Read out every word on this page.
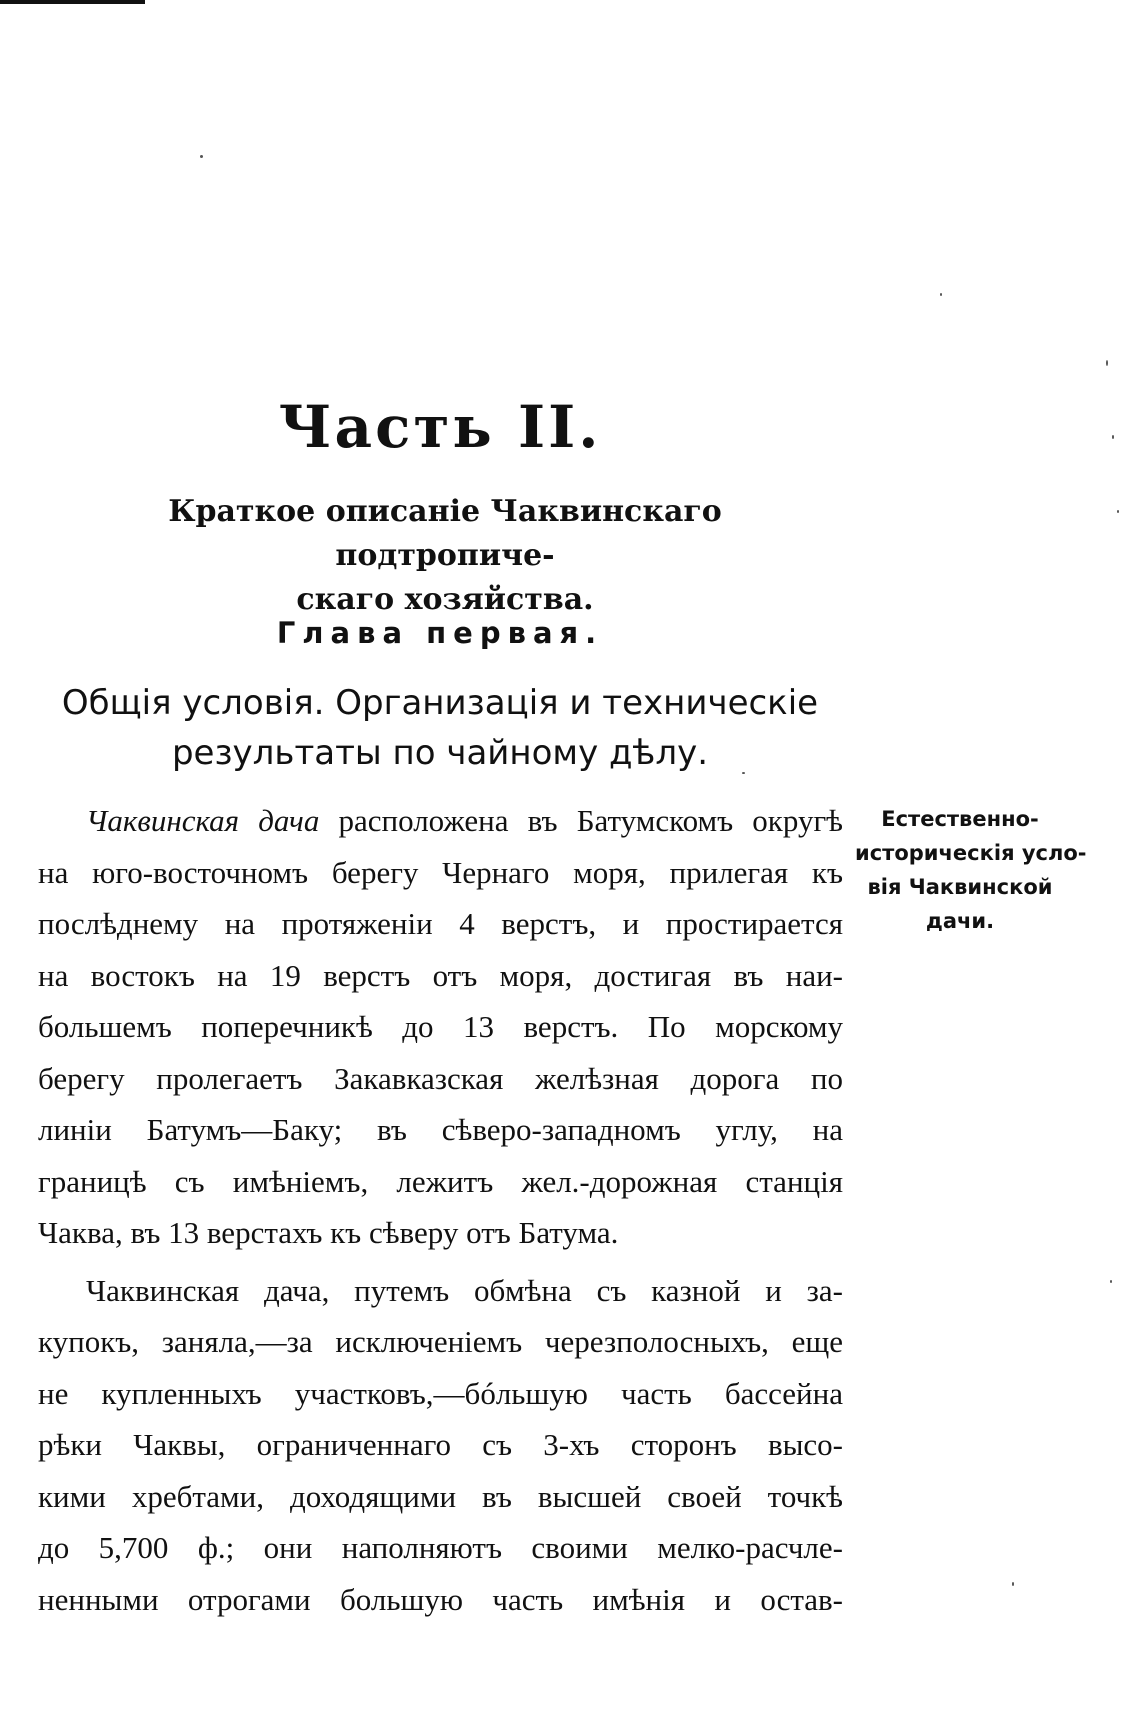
Часть II.
Краткое описаніе Чаквинскаго подтропиче-
скаго хозяйства.
Глава первая.
Общія условія. Организація и техническіе
результаты по чайному дѣлу.

Чаквинская дача расположена въ Батумскомъ округѣ
на юго-восточномъ берегу Чернаго моря, прилегая къ
послѣднему на протяженіи 4 верстъ, и простирается
на востокъ на 19 верстъ отъ моря, достигая въ наи-
большемъ поперечникѣ до 13 верстъ. По морскому
берегу пролегаетъ Закавказская желѣзная дорога по
линіи Батумъ—Баку; въ сѣверо-западномъ углу, на
границѣ съ имѣніемъ, лежитъ жел.-дорожная станція
Чаква, въ 13 верстахъ къ сѣверу отъ Батума.

Чаквинская дача, путемъ обмѣна съ казной и за-
купокъ, заняла,—за исключеніемъ черезполосныхъ, еще
не купленныхъ участковъ,—бóльшую часть бассейна
рѣки Чаквы, ограниченнаго съ 3-хъ сторонъ высо-
кими хребтами, доходящими въ высшей своей точкѣ
до 5,700 ф.; они наполняютъ своими мелко-расчле-
ненными отрогами большую часть имѣнія и остав-

Естественно-
историческія усло-
вія Чаквинской
дачи.
